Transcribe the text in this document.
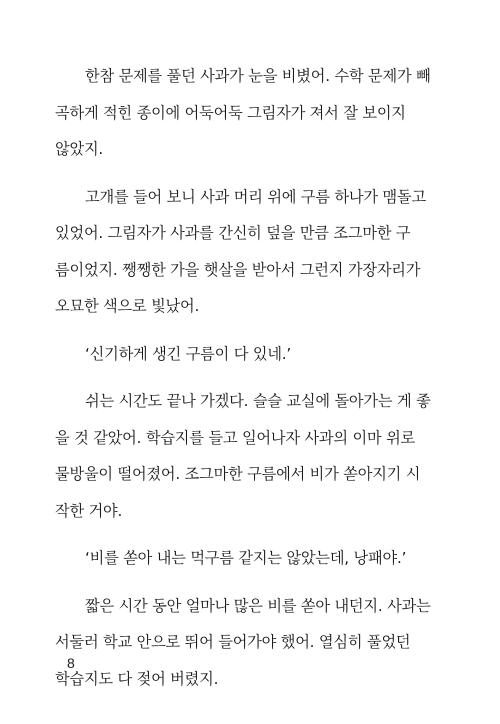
한참 문제를 풀던 사과가 눈을 비볐어. 수학 문제가 빼
곡하게 적힌 종이에 어둑어둑 그림자가 져서 잘 보이지
않았지.

고개를 들어 보니 사과 머리 위에 구름 하나가 맴돌고
있었어. 그림자가 사과를 간신히 덮을 만큼 조그마한 구
름이었지. 쨍쨍한 가을 햇살을 받아서 그런지 가장자리가
오묘한 색으로 빛났어.

‘신기하게 생긴 구름이 다 있네.’

쉬는 시간도 끝나 가겠다. 슬슬 교실에 돌아가는 게 좋
을 것 같았어. 학습지를 들고 일어나자 사과의 이마 위로
물방울이 떨어졌어. 조그마한 구름에서 비가 쏟아지기 시
작한 거야.

‘비를 쏟아 내는 먹구름 같지는 않았는데, 낭패야.’

짧은 시간 동안 얼마나 많은 비를 쏟아 내던지. 사과는
서둘러 학교 안으로 뛰어 들어가야 했어. 열심히 풀었던
학습지도 다 젖어 버렸지.

8
